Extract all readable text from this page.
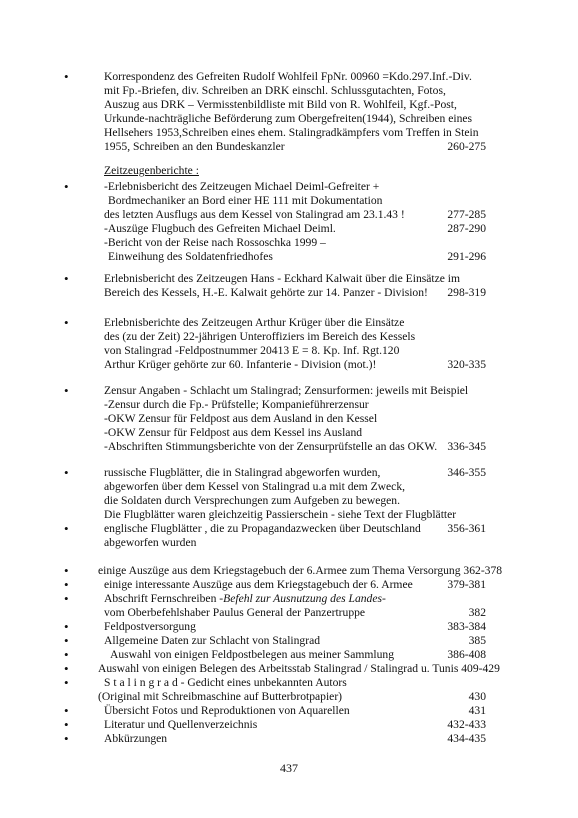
•	Korrespondenz des Gefreiten Rudolf Wohlfeil FpNr. 00960 =Kdo.297.Inf.-Div.
mit Fp.-Briefen, div. Schreiben an DRK einschl. Schlussgutachten, Fotos,
Auszug aus DRK – Vermisstenbildliste mit Bild von R. Wohlfeil, Kgf.-Post,
Urkunde-nachträgliche Beförderung zum Obergefreiten(1944), Schreiben eines
Hellsehers 1953,Schreiben eines ehem. Stalingradkämpfers vom Treffen in Stein
1955, Schreiben an den Bundeskanzler	260-275
Zeitzeugenberichte :
•	-Erlebnisbericht des Zeitzeugen Michael Deiml-Gefreiter +
Bordmechaniker an Bord einer HE 111 mit Dokumentation
des letzten Ausflugs aus dem Kessel von Stalingrad am 23.1.43 !	277-285
-Auszüge Flugbuch des Gefreiten Michael Deiml.	287-290
-Bericht von der Reise nach Rossoschka 1999 –
Einweihung des Soldatenfriedhofes	291-296
•	Erlebnisbericht des Zeitzeugen Hans - Eckhard Kalwait über die Einsätze im
Bereich des Kessels, H.-E. Kalwait gehörte zur 14. Panzer - Division!	298-319
•	Erlebnisberichte des Zeitzeugen Arthur Krüger über die Einsätze
des (zu der Zeit) 22-jährigen Unteroffiziers im Bereich des Kessels
von Stalingrad -Feldpostnummer 20413 E = 8. Kp. Inf. Rgt.120
Arthur Krüger gehörte zur 60. Infanterie - Division (mot.)!	320-335
•	Zensur Angaben - Schlacht um Stalingrad; Zensurformen: jeweils mit Beispiel
-Zensur durch die Fp.- Prüfstelle; Kompanieführerzensur
-OKW Zensur für Feldpost aus dem Ausland in den Kessel
-OKW Zensur für Feldpost aus dem Kessel ins Ausland
-Abschriften Stimmungsberichte von der Zensurprüfstelle an das OKW. 336-345
•	russische Flugblätter, die in Stalingrad abgeworfen wurden,	346-355
abgeworfen über dem Kessel von Stalingrad u.a mit dem Zweck,
die Soldaten durch Versprechungen zum Aufgeben zu bewegen.
Die Flugblätter waren gleichzeitig Passierschein - siehe Text der Flugblätter
•	englische Flugblätter , die zu Propagandazwecken über Deutschland	356-361
abgeworfen wurden
•	einige Auszüge aus dem Kriegstagebuch der 6.Armee zum Thema Versorgung 362-378
•	einige interessante Auszüge aus dem Kriegstagebuch der 6. Armee	379-381
•	Abschrift Fernschreiben -Befehl zur Ausnutzung des Landes-
vom Oberbefehlshaber Paulus General der Panzertruppe	382
•	Feldpostversorgung	383-384
•	Allgemeine Daten zur Schlacht von Stalingrad	385
•	Auswahl von einigen Feldpostbelegen aus meiner Sammlung	386-408
•	Auswahl von einigen Belegen des Arbeitsstab Stalingrad / Stalingrad u. Tunis 409-429
•	S t a l i n g r a d - Gedicht eines unbekannten Autors
(Original mit Schreibmaschine auf Butterbrotpapier)	430
•	Übersicht Fotos und Reproduktionen von Aquarellen	431
•	Literatur und Quellenverzeichnis	432-433
•	Abkürzungen	434-435
437
